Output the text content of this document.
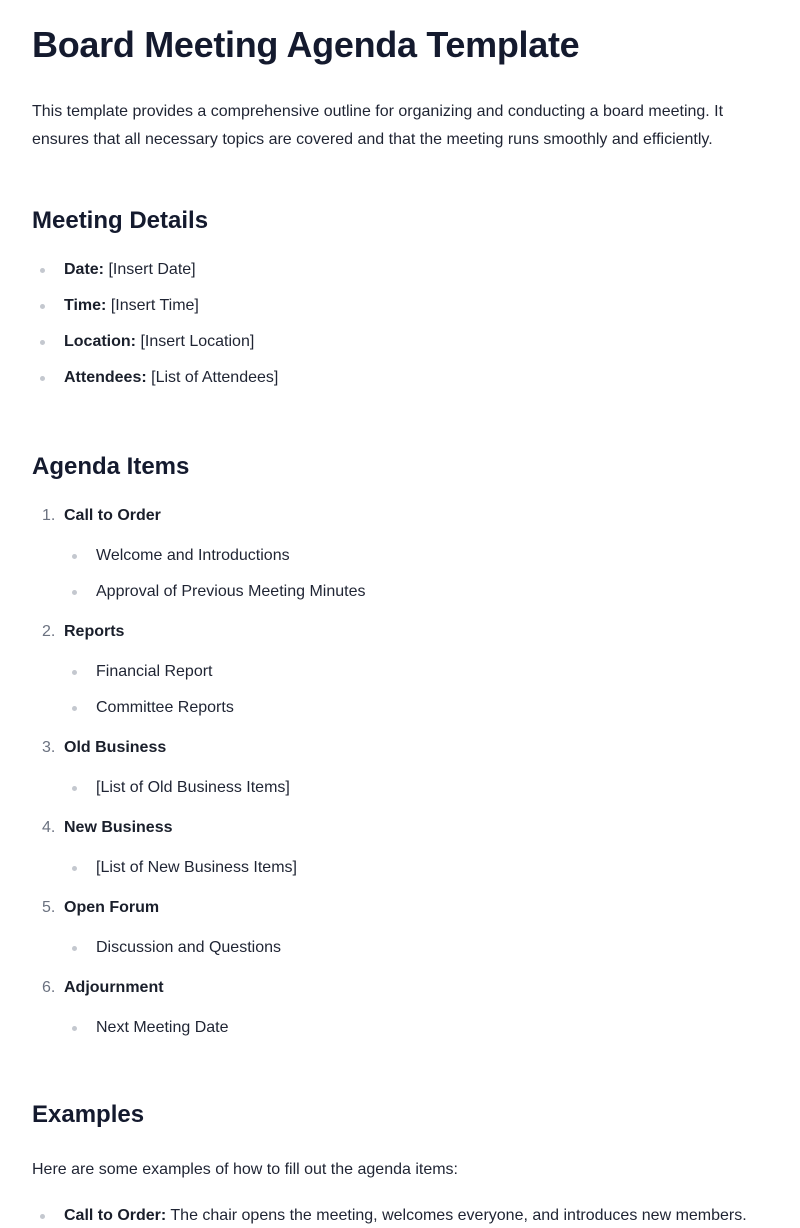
Board Meeting Agenda Template

This template provides a comprehensive outline for organizing and conducting a board meeting. It ensures that all necessary topics are covered and that the meeting runs smoothly and efficiently.

Meeting Details
Date: [Insert Date]
Time: [Insert Time]
Location: [Insert Location]
Attendees: [List of Attendees]
Agenda Items
1. Call to Order
Welcome and Introductions
Approval of Previous Meeting Minutes
2. Reports
Financial Report
Committee Reports
3. Old Business
[List of Old Business Items]
4. New Business
[List of New Business Items]
5. Open Forum
Discussion and Questions
6. Adjournment
Next Meeting Date
Examples

Here are some examples of how to fill out the agenda items:

Call to Order: The chair opens the meeting, welcomes everyone, and introduces new members.
